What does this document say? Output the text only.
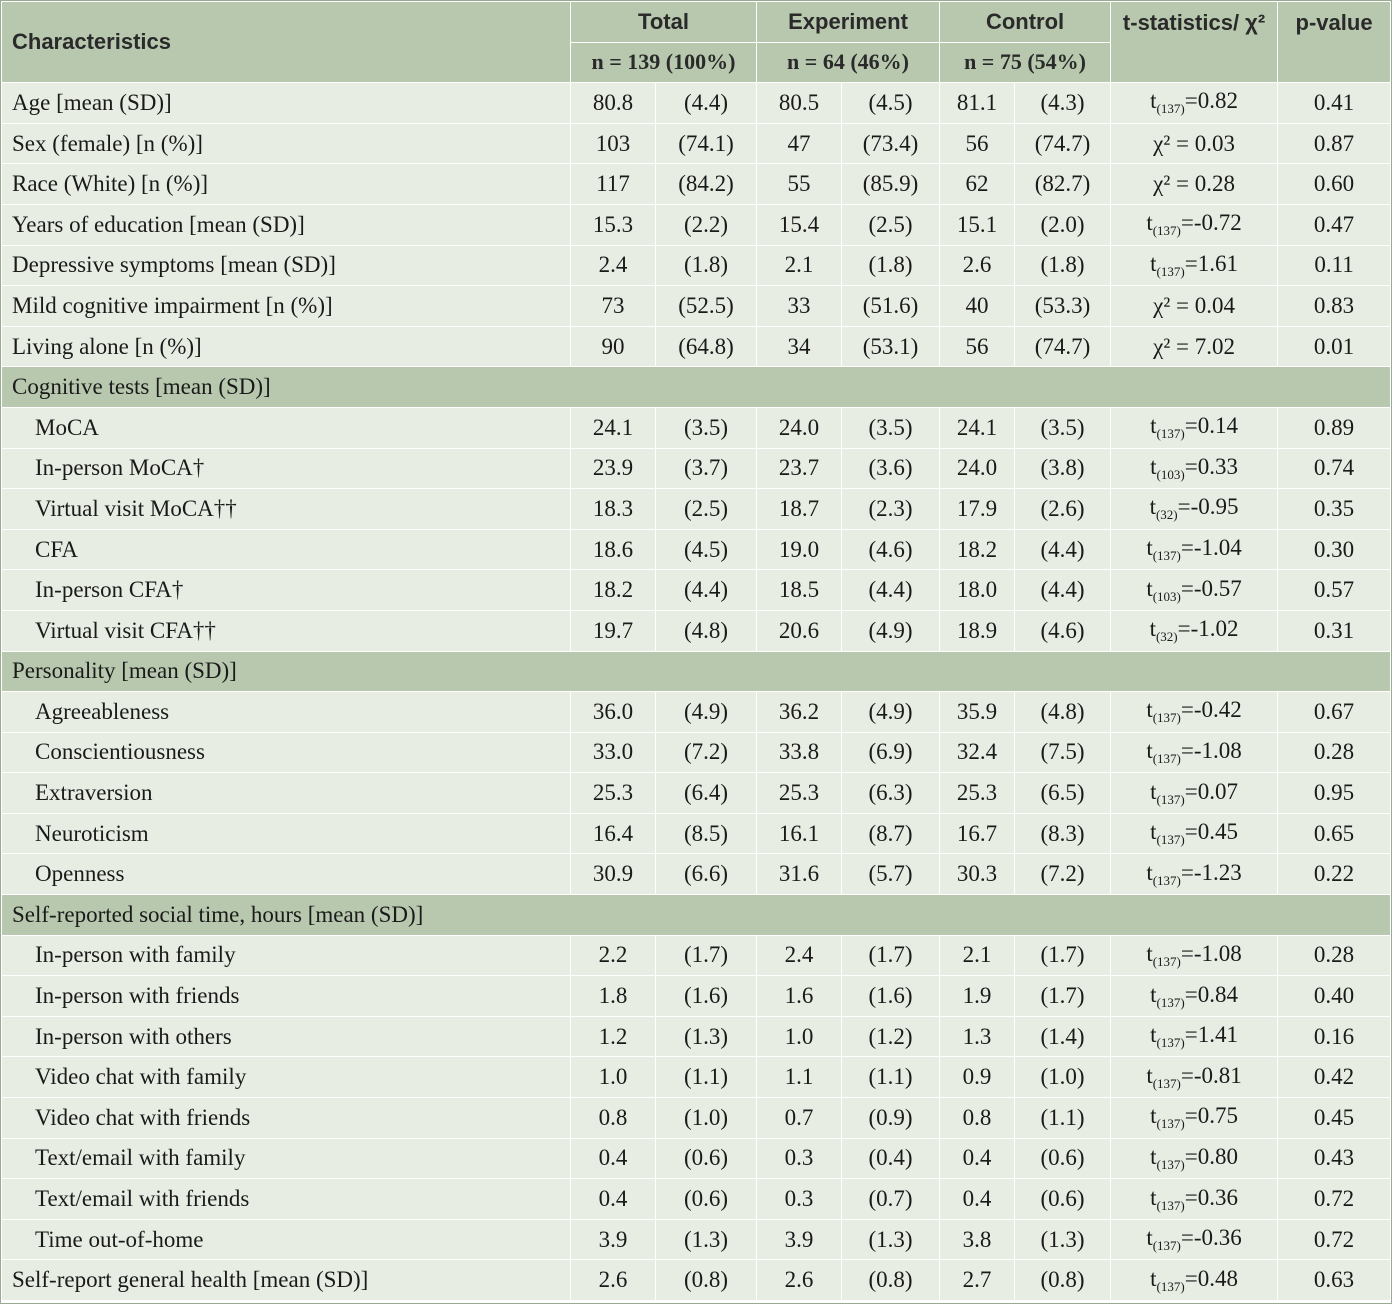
Characteristics	Total		Experiment		Control		t-statistics/ χ²	p-value
	n = 139 (100%)		n = 64 (46%)		n = 75 (54%)			
Age [mean (SD)]	80.8	(4.4)	80.5	(4.5)	81.1	(4.3)	$t_{(137)}=0.82$	0.41
Sex (female) [n (%)]	103	(74.1)	47	(73.4)	56	(74.7)	χ² = 0.03	0.87
Race (White) [n (%)]	117	(84.2)	55	(85.9)	62	(82.7)	χ² = 0.28	0.60
Years of education [mean (SD)]	15.3	(2.2)	15.4	(2.5)	15.1	(2.0)	$t_{(137)}=-0.72$	0.47
Depressive symptoms [mean (SD)]	2.4	(1.8)	2.1	(1.8)	2.6	(1.8)	$t_{(137)}=1.61$	0.11
Mild cognitive impairment [n (%)]	73	(52.5)	33	(51.6)	40	(53.3)	χ² = 0.04	0.83
Living alone [n (%)]	90	(64.8)	34	(53.1)	56	(74.7)	χ² = 7.02	0.01
Cognitive tests [mean (SD)]								
MoCA	24.1	(3.5)	24.0	(3.5)	24.1	(3.5)	$t_{(137)}=0.14$	0.89
In-person MoCA†	23.9	(3.7)	23.7	(3.6)	24.0	(3.8)	$t_{(103)}=0.33$	0.74
Virtual visit MoCA††	18.3	(2.5)	18.7	(2.3)	17.9	(2.6)	$t_{(32)}=-0.95$	0.35
CFA	18.6	(4.5)	19.0	(4.6)	18.2	(4.4)	$t_{(137)}=-1.04$	0.30
In-person CFA†	18.2	(4.4)	18.5	(4.4)	18.0	(4.4)	$t_{(103)}=-0.57$	0.57
Virtual visit CFA††	19.7	(4.8)	20.6	(4.9)	18.9	(4.6)	$t_{(32)}=-1.02$	0.31
Personality [mean (SD)]								
Agreeableness	36.0	(4.9)	36.2	(4.9)	35.9	(4.8)	$t_{(137)}=-0.42$	0.67
Conscientiousness	33.0	(7.2)	33.8	(6.9)	32.4	(7.5)	$t_{(137)}=-1.08$	0.28
Extraversion	25.3	(6.4)	25.3	(6.3)	25.3	(6.5)	$t_{(137)}=0.07$	0.95
Neuroticism	16.4	(8.5)	16.1	(8.7)	16.7	(8.3)	$t_{(137)}=0.45$	0.65
Openness	30.9	(6.6)	31.6	(5.7)	30.3	(7.2)	$t_{(137)}=-1.23$	0.22
Self-reported social time, hours [mean (SD)]								
In-person with family	2.2	(1.7)	2.4	(1.7)	2.1	(1.7)	$t_{(137)}=-1.08$	0.28
In-person with friends	1.8	(1.6)	1.6	(1.6)	1.9	(1.7)	$t_{(137)}=0.84$	0.40
In-person with others	1.2	(1.3)	1.0	(1.2)	1.3	(1.4)	$t_{(137)}=1.41$	0.16
Video chat with family	1.0	(1.1)	1.1	(1.1)	0.9	(1.0)	$t_{(137)}=-0.81$	0.42
Video chat with friends	0.8	(1.0)	0.7	(0.9)	0.8	(1.1)	$t_{(137)}=0.75$	0.45
Text/email with family	0.4	(0.6)	0.3	(0.4)	0.4	(0.6)	$t_{(137)}=0.80$	0.43
Text/email with friends	0.4	(0.6)	0.3	(0.7)	0.4	(0.6)	$t_{(137)}=0.36$	0.72
Time out-of-home	3.9	(1.3)	3.9	(1.3)	3.8	(1.3)	$t_{(137)}=-0.36$	0.72
Self-report general health [mean (SD)]	2.6	(0.8)	2.6	(0.8)	2.7	(0.8)	$t_{(137)}=0.48$	0.63
